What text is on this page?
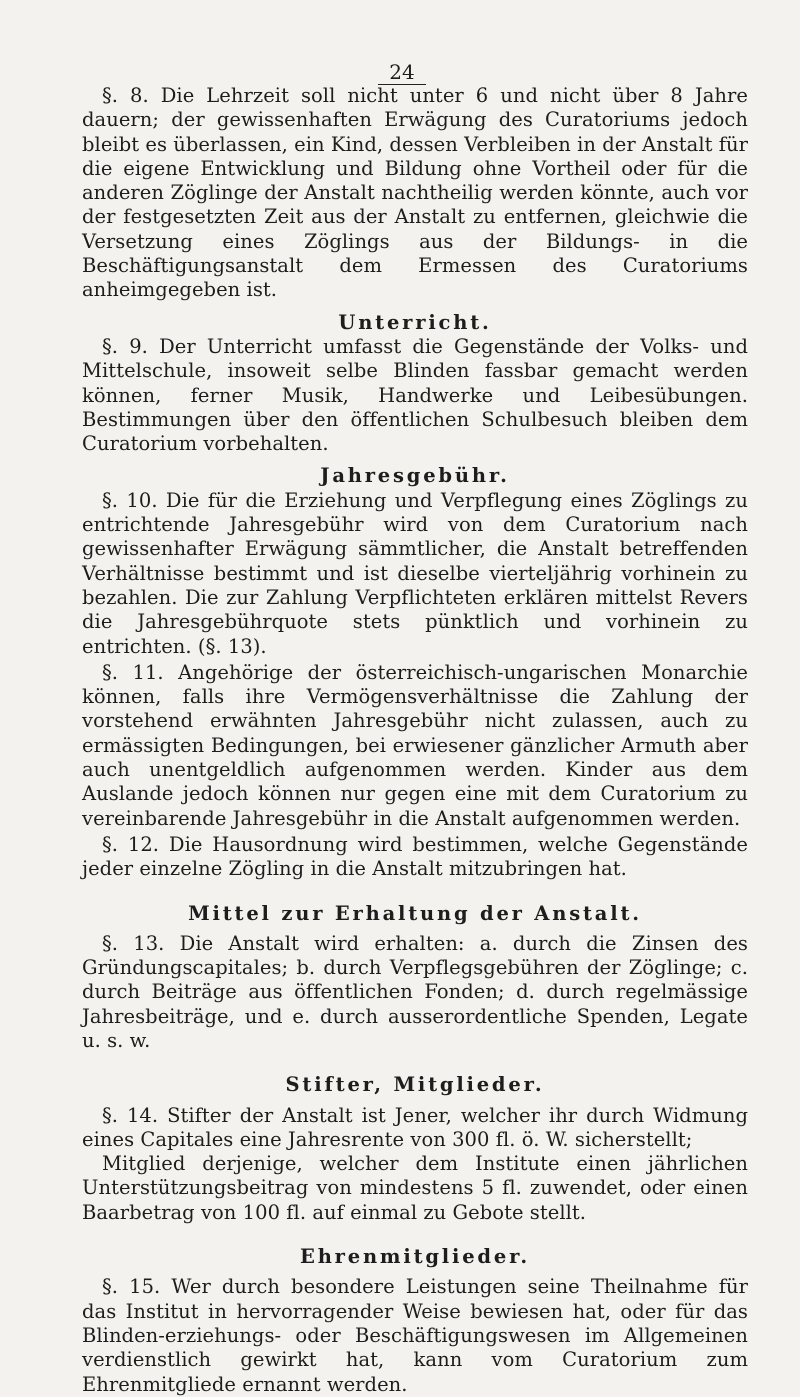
24

§. 8. Die Lehrzeit soll nicht unter 6 und nicht über 8 Jahre dauern; der gewissenhaften Erwägung des Curatoriums jedoch bleibt es überlassen, ein Kind, dessen Verbleiben in der Anstalt für die eigene Entwicklung und Bildung ohne Vortheil oder für die anderen Zöglinge der Anstalt nachtheilig werden könnte, auch vor der festgesetzten Zeit aus der Anstalt zu entfernen, gleichwie die Versetzung eines Zöglings aus der Bildungs- in die Beschäftigungsanstalt dem Ermessen des Curatoriums anheimgegeben ist.

Unterricht.

§. 9. Der Unterricht umfasst die Gegenstände der Volks- und Mittelschule, insoweit selbe Blinden fassbar gemacht werden können, ferner Musik, Handwerke und Leibesübungen. Bestimmungen über den öffentlichen Schulbesuch bleiben dem Curatorium vorbehalten.

Jahresgebühr.

§. 10. Die für die Erziehung und Verpflegung eines Zöglings zu entrichtende Jahresgebühr wird von dem Curatorium nach gewissenhafter Erwägung sämmtlicher, die Anstalt betreffenden Verhältnisse bestimmt und ist dieselbe vierteljährig vorhinein zu bezahlen. Die zur Zahlung Verpflichteten erklären mittelst Revers die Jahresgebührquote stets pünktlich und vorhinein zu entrichten. (§. 13).

§. 11. Angehörige der österreichisch-ungarischen Monarchie können, falls ihre Vermögensverhältnisse die Zahlung der vorstehend erwähnten Jahresgebühr nicht zulassen, auch zu ermässigten Bedingungen, bei erwiesener gänzlicher Armuth aber auch unentgeldlich aufgenommen werden. Kinder aus dem Auslande jedoch können nur gegen eine mit dem Curatorium zu vereinbarende Jahresgebühr in die Anstalt aufgenommen werden.

§. 12. Die Hausordnung wird bestimmen, welche Gegenstände jeder einzelne Zögling in die Anstalt mitzubringen hat.

Mittel zur Erhaltung der Anstalt.

§. 13. Die Anstalt wird erhalten: a. durch die Zinsen des Gründungscapitales; b. durch Verpflegsgebühren der Zöglinge; c. durch Beiträge aus öffentlichen Fonden; d. durch regelmässige Jahresbeiträge, und e. durch ausserordentliche Spenden, Legate u. s. w.

Stifter, Mitglieder.

§. 14. Stifter der Anstalt ist Jener, welcher ihr durch Widmung eines Capitales eine Jahresrente von 300 fl. ö. W. sicherstellt;

Mitglied derjenige, welcher dem Institute einen jährlichen Unterstützungsbeitrag von mindestens 5 fl. zuwendet, oder einen Baarbetrag von 100 fl. auf einmal zu Gebote stellt.

Ehrenmitglieder.

§. 15. Wer durch besondere Leistungen seine Theilnahme für das Institut in hervorragender Weise bewiesen hat, oder für das Blinden-erziehungs- oder Beschäftigungswesen im Allgemeinen verdienstlich gewirkt hat, kann vom Curatorium zum Ehrenmitgliede ernannt werden.
